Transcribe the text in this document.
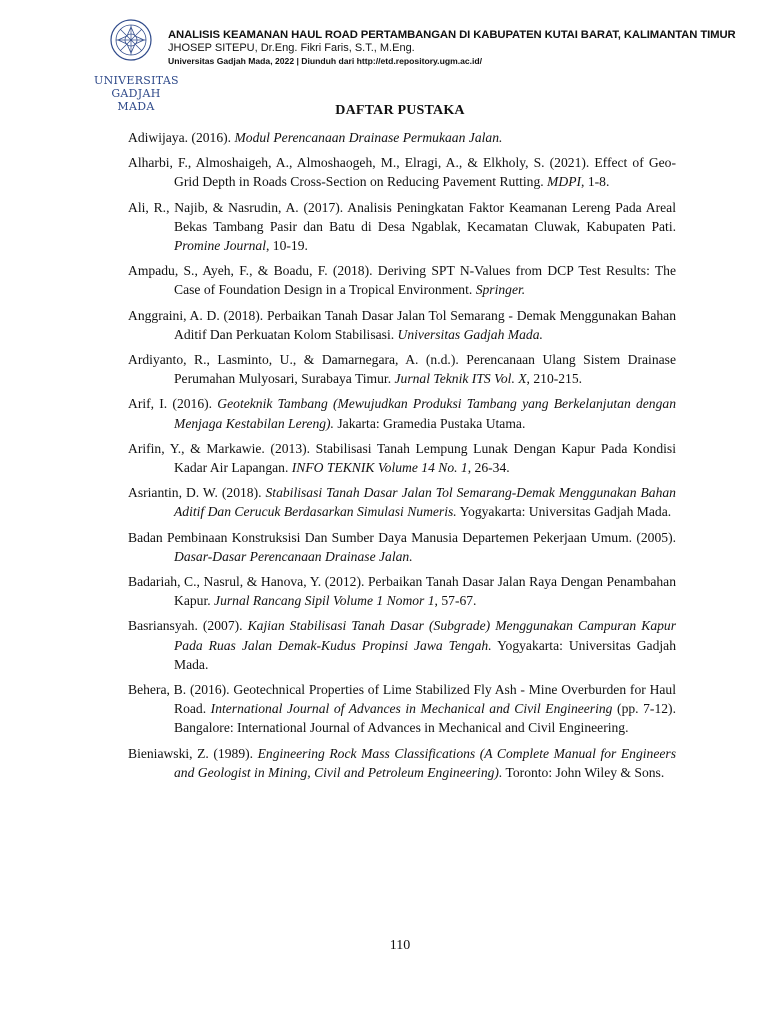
UNIVERSITAS
GADJAH MADA
ANALISIS KEAMANAN HAUL ROAD PERTAMBANGAN DI KABUPATEN KUTAI BARAT, KALIMANTAN TIMUR
JHOSEP SITEPU, Dr.Eng. Fikri Faris, S.T., M.Eng.
Universitas Gadjah Mada, 2022 | Diunduh dari http://etd.repository.ugm.ac.id/
DAFTAR PUSTAKA
Adiwijaya. (2016). Modul Perencanaan Drainase Permukaan Jalan.
Alharbi, F., Almoshaigeh, A., Almoshaogeh, M., Elragi, A., & Elkholy, S. (2021). Effect of Geo-Grid Depth in Roads Cross-Section on Reducing Pavement Rutting. MDPI, 1-8.
Ali, R., Najib, & Nasrudin, A. (2017). Analisis Peningkatan Faktor Keamanan Lereng Pada Areal Bekas Tambang Pasir dan Batu di Desa Ngablak, Kecamatan Cluwak, Kabupaten Pati. Promine Journal, 10-19.
Ampadu, S., Ayeh, F., & Boadu, F. (2018). Deriving SPT N-Values from DCP Test Results: The Case of Foundation Design in a Tropical Environment. Springer.
Anggraini, A. D. (2018). Perbaikan Tanah Dasar Jalan Tol Semarang - Demak Menggunakan Bahan Aditif Dan Perkuatan Kolom Stabilisasi. Universitas Gadjah Mada.
Ardiyanto, R., Lasminto, U., & Damarnegara, A. (n.d.). Perencanaan Ulang Sistem Drainase Perumahan Mulyosari, Surabaya Timur. Jurnal Teknik ITS Vol. X, 210-215.
Arif, I. (2016). Geoteknik Tambang (Mewujudkan Produksi Tambang yang Berkelanjutan dengan Menjaga Kestabilan Lereng). Jakarta: Gramedia Pustaka Utama.
Arifin, Y., & Markawie. (2013). Stabilisasi Tanah Lempung Lunak Dengan Kapur Pada Kondisi Kadar Air Lapangan. INFO TEKNIK Volume 14 No. 1, 26-34.
Asriantin, D. W. (2018). Stabilisasi Tanah Dasar Jalan Tol Semarang-Demak Menggunakan Bahan Aditif Dan Cerucuk Berdasarkan Simulasi Numeris. Yogyakarta: Universitas Gadjah Mada.
Badan Pembinaan Konstruksisi Dan Sumber Daya Manusia Departemen Pekerjaan Umum. (2005). Dasar-Dasar Perencanaan Drainase Jalan.
Badariah, C., Nasrul, & Hanova, Y. (2012). Perbaikan Tanah Dasar Jalan Raya Dengan Penambahan Kapur. Jurnal Rancang Sipil Volume 1 Nomor 1, 57-67.
Basriansyah. (2007). Kajian Stabilisasi Tanah Dasar (Subgrade) Menggunakan Campuran Kapur Pada Ruas Jalan Demak-Kudus Propinsi Jawa Tengah. Yogyakarta: Universitas Gadjah Mada.
Behera, B. (2016). Geotechnical Properties of Lime Stabilized Fly Ash - Mine Overburden for Haul Road. International Journal of Advances in Mechanical and Civil Engineering (pp. 7-12). Bangalore: International Journal of Advances in Mechanical and Civil Engineering.
Bieniawski, Z. (1989). Engineering Rock Mass Classifications (A Complete Manual for Engineers and Geologist in Mining, Civil and Petroleum Engineering). Toronto: John Wiley & Sons.
110
